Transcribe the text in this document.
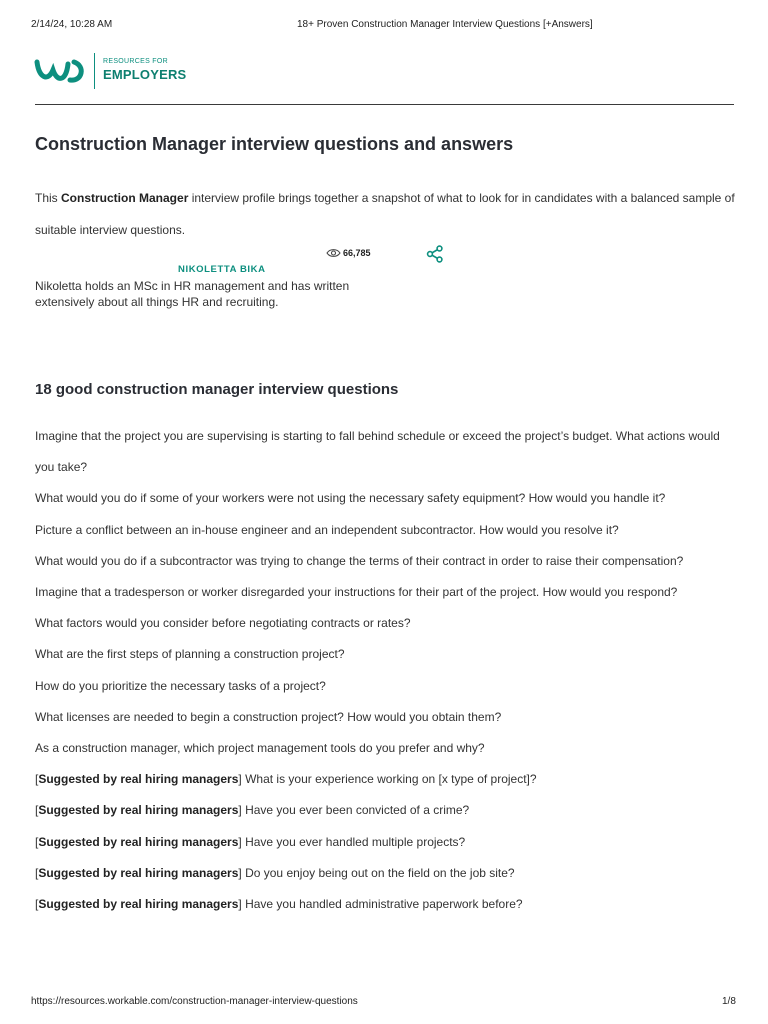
2/14/24, 10:28 AM	18+ Proven Construction Manager Interview Questions [+Answers]
RESOURCES FOR
EMPLOYERS
Construction Manager interview questions and answers
This Construction Manager interview profile brings together a snapshot of what to look for in candidates with a balanced sample of suitable interview questions.
66,785
NIKOLETTA BIKA
Nikoletta holds an MSc in HR management and has written extensively about all things HR and recruiting.
18 good construction manager interview questions
Imagine that the project you are supervising is starting to fall behind schedule or exceed the project’s budget. What actions would you take?
What would you do if some of your workers were not using the necessary safety equipment? How would you handle it?
Picture a conflict between an in-house engineer and an independent subcontractor. How would you resolve it?
What would you do if a subcontractor was trying to change the terms of their contract in order to raise their compensation?
Imagine that a tradesperson or worker disregarded your instructions for their part of the project. How would you respond?
What factors would you consider before negotiating contracts or rates?
What are the first steps of planning a construction project?
How do you prioritize the necessary tasks of a project?
What licenses are needed to begin a construction project? How would you obtain them?
As a construction manager, which project management tools do you prefer and why?
[Suggested by real hiring managers] What is your experience working on [x type of project]?
[Suggested by real hiring managers] Have you ever been convicted of a crime?
[Suggested by real hiring managers] Have you ever handled multiple projects?
[Suggested by real hiring managers] Do you enjoy being out on the field on the job site?
[Suggested by real hiring managers] Have you handled administrative paperwork before?
https://resources.workable.com/construction-manager-interview-questions	1/8
